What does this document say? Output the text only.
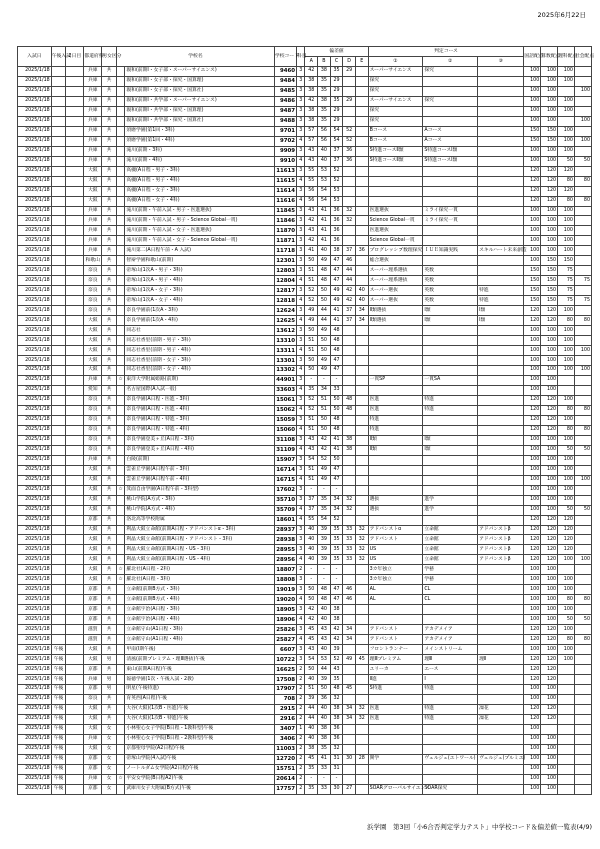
2025年6月22日
入試日	午後入試	2日目	都道府県	男女区分	学校名		学校コード	科目	偏差値					判定コース			国語配点	算数配点	理科配点	社会配点
									A	B	C	D	E	①	②	③				
2025/1/18			兵庫	共		親和(前期Ⅰ・女子部・スーパーサイエンス)	9460	3	42	38	35	29		スーパーサイエンス	探究		100	100	100	
2025/1/18			兵庫	共		親和(前期Ⅰ・女子部・探究・国算理)	9484	3	38	35	29			探究			100	100	100	
2025/1/18			兵庫	共		親和(前期Ⅰ・女子部・探究・国算社)	9485	3	38	35	29			探究			100	100		100
2025/1/18			兵庫	共		親和(前期Ⅰ・共学部・スーパーサイエンス)	9486	3	42	38	35	29		スーパーサイエンス	探究		100	100	100	
2025/1/18			兵庫	共		親和(前期Ⅰ・共学部・探究・国算理)	9487	3	38	35	29			探究			100	100	100	
2025/1/18			兵庫	共		親和(前期Ⅰ・共学部・探究・国算社)	9488	3	38	35	29			探究			100	100		100
2025/1/18			兵庫	共		須磨学園(第1回・3科)	9701	3	57	56	54	52		Bコース	Aコース		150	150	100	
2025/1/18			兵庫	共		須磨学園(第1回・4科)	9702	4	57	56	54	52		Bコース	Aコース		150	150	100	100
2025/1/18			兵庫	共		滝川(前期・3科)	9909	3	43	40	37	36		S特進コースⅡ類	S特進コースⅠ類		100	100	100	
2025/1/18			兵庫	共		滝川(前期・4科)	9910	4	43	40	37	36		S特進コースⅡ類	S特進コースⅠ類		100	100	50	50
2025/1/18			大阪	共		高槻(A日程・男子・3科)	11613	3	55	53	52						120	120	120	
2025/1/18			大阪	共		高槻(A日程・男子・4科)	11615	4	55	53	52						120	120	80	80
2025/1/18			大阪	共		高槻(A日程・女子・3科)	11614	3	56	54	53						120	120	120	
2025/1/18			大阪	共		高槻(A日程・女子・4科)	11616	4	56	54	53						120	120	80	80
2025/1/18			兵庫	共		滝川(前期・午前入試・男子・医進選抜)	11845	3	43	41	36	32		医進選抜	ミライ探究一貫		100	100	100	
2025/1/18			兵庫	共		滝川(前期・午前入試・男子・Science Global一貫)	11846	3	42	41	36	32		Science Global一貫	ミライ探究一貫		100	100	100	
2025/1/18			兵庫	共		滝川(前期・午前入試・女子・医進選抜)	11870	3	43	41	36			医進選抜			100	100	100	
2025/1/18			兵庫	共		滝川(前期・午前入試・女子・Science Global一貫)	11871	3	42	41	36			Science Global一貫			100	100	100	
2025/1/18			兵庫	共		滝川第二(A日程午前・A 入試)	11718	3	41	40	38	37	36	プログレッシブ数理探究	ＩＵＥ知識実践	スキルハート未来創造	100	100	100	
2025/1/18			和歌山	共		智辯学園和歌山(前期)	12301	3	50	49	47	46		総合選抜			100	150	150	
2025/1/18			奈良	共		帝塚山(1次A・男子・3科)	12803	3	51	48	47	44		スーパー理系選抜	英数		150	150	75	
2025/1/18			奈良	共		帝塚山(1次A・男子・4科)	12804	4	51	48	47	44		スーパー理系選抜	英数		150	150	75	75
2025/1/18			奈良	共		帝塚山(1次A・女子・3科)	12817	3	52	50	49	42	40	スーパー選抜	英数	特進	150	150	75	
2025/1/18			奈良	共		帝塚山(1次A・女子・4科)	12818	4	52	50	49	42	40	スーパー選抜	英数	特進	150	150	75	75
2025/1/18			奈良	共		奈良学園前(1次A・3科)	12624	3	49	44	41	37	34	Ⅱ類選抜	Ⅰ類	Ⅰ類	120	120	100	
2025/1/18			大阪	共		奈良学園前(1次A・4科)	12625	4	49	44	41	37	34	Ⅱ類選抜	Ⅰ類	Ⅰ類	120	120	80	80
2025/1/18			大阪	共		同志社	13612	3	50	49	48						100	100	100	
2025/1/18			大阪	共		同志社香里(前期・男子・3科)	13310	3	51	50	48						100	100	100	
2025/1/18			大阪	共		同志社香里(前期・男子・4科)	13311	4	51	50	48						100	100	100	100
2025/1/18			大阪	共		同志社香里(前期・女子・3科)	13301	3	50	49	47						100	100	100	
2025/1/18			大阪	共		同志社香里(前期・女子・4科)	13302	4	50	49	47						100	100	100	100
2025/1/18			兵庫	共	☆	東洋大学附属姫路(前期)	44901	3	-	-	-			一貫SP	一貫SA		100	100		
2025/1/18			愛知	共		名古屋国際(A入試一般)	33603	4	35	34	33						100	100		
2025/1/18			奈良	共		奈良学園(A日程・医進・3科)	15061	3	52	51	50	48		医進	特進		120	120	100	
2025/1/18			奈良	共		奈良学園(A日程・医進・4科)	15062	4	52	51	50	48		医進	特進		120	120	80	80
2025/1/18			奈良	共		奈良学園(A日程・特進・3科)	15059	3	51	50	48			特進			120	120	100	
2025/1/18			奈良	共		奈良学園(A日程・特進・4科)	15060	4	51	50	48			特進			120	120	80	80
2025/1/18			奈良	共		奈良学園登美ヶ丘(A日程・3科)	31108	3	43	42	41	38		Ⅱ類	Ⅰ類		100	100	100	
2025/1/18			奈良	共		奈良学園登美ヶ丘(A日程・4科)	31109	4	43	42	41	38		Ⅱ類	Ⅰ類		100	100	50	50
2025/1/18			兵庫	共		白陵(前期)	15907	3	54	52	50						100	100	100	
2025/1/18			大阪	共		雲雀丘学園(A日程午前・3科)	16714	3	51	49	47						100	100	100	
2025/1/18			大阪	共		雲雀丘学園(A日程午前・4科)	16715	4	51	49	47						100	100	100	100
2025/1/18			大阪	共	☆	箕面自由学園(A日程午前・3科型)	17602	3	-	-	-						100	100	100	
2025/1/18			大阪	共		桃山学院(A方式・3科)	35710	3	37	35	34	32		選抜	進学		100	100	100	
2025/1/18			大阪	共		桃山学院(A方式・4科)	35709	4	37	35	34	32		選抜	進学		100	100	50	50
2025/1/18			京都	共		洛北高等学校附属	18601	4	55	54	52						120	120	120	
2025/1/18			大阪	共		利晶大阪立命館(前期A日程・アドバンストα・3科)	28937	3	40	39	35	33	32	アドバンストα	立命館	アドバンストβ	120	120	120	
2025/1/18			大阪	共		利晶大阪立命館(前期A日程・アドバンスト・3科)	28938	3	40	39	35	33	32	アドバンスト	立命館	アドバンストβ	120	120	120	
2025/1/18			大阪	共		利晶大阪立命館(前期A日程・US・3科)	28955	3	40	39	35	33	32	US	立命館	アドバンストβ	120	120	120	
2025/1/18			大阪	共		利晶大阪立命館(前期A日程・US・4科)	28956	4	40	39	35	33	32	US	立命館	アドバンストβ	120	120	100	100
2025/1/18			大阪	共	☆	羅北社(A日程・2科)	18807	2	-	-	-			3カ年独立	学藝		100	100		
2025/1/18			大阪	共	☆	羅北社(A日程・3科)	18808	3	-	-	-			3カ年独立	学藝		100	100	100	
2025/1/18			京都	共		立命館(前期B方式・3科)	19019	3	50	48	47	46		AL	CL		100	100	100	
2025/1/18			京都	共		立命館(前期B方式・4科)	19020	4	50	48	47	46		AL	CL		100	100	80	80
2025/1/18			京都	共		立命館宇治(A日程・3科)	18905	3	42	40	38						100	100	100	
2025/1/18			京都	共		立命館宇治(A日程・4科)	18906	4	42	40	38						100	100	50	50
2025/1/18			滋賀	共		立命館守山(A1日程・3科)	25826	3	45	43	42	34		アドバンスト	アカデメイア		120	120	100	
2025/1/18			滋賀	共		立命館守山(A1日程・4科)	25827	4	45	43	42	34		アドバンスト	アカデメイア		120	120	80	80
2025/1/18	午後		大阪	共		甲南(Ⅰ期午後)	6607	3	43	40	39			フロントランナー	メインストリーム		100	100	100	
2025/1/18	午後		大阪	男		清風(前期プレミアム・理Ⅲ選抜)午後	10722	3	54	53	52	49	45	理Ⅲプレミアム	理Ⅲ	理Ⅱ	120	120	100	
2025/1/18	午後		京都	共		東山(前期A日程)午後	16625	2	50	44	43			ユリーカ	エース		120	120		
2025/1/18	午後		兵庫	男		報徳学園(1次・午後入試・2教)	17508	2	40	39	35			Ⅱ進	Ⅰ		120	120		
2025/1/18	午後		京都	男		明星(午後特進)	17907	2	51	50	48	45		S特進	特進		100	100		
2025/1/18	午後		奈良	共		育英西(A日程)午後	708	2	39	36	32						100	100		
2025/1/18	午後		大阪	共		大谷(大阪)(1次B・医進)午後	2915	2	44	40	38	34	32	医進	特進	凜花	120	120		
2025/1/18	午後		大阪	共		大谷(大阪)(1次B・特進)午後	2916	2	44	40	38	34	32	医進	特進	凜花	120	120		
2025/1/18	午後		大阪	女		小林聖心女子学院(B日程・1教科型)午後	3407	1	40	38	36						100			
2025/1/18	午後		兵庫	女		小林聖心女子学院(B日程・2教科型)午後	3406	2	40	38	36						100	100		
2025/1/18	午後		大阪	女		京都聖母学院(A2日程)午後	11003	2	38	35	32						100	100		
2025/1/18	午後		京都	女		帝塚山学院(4入試)午後	12720	2	45	41	31	30	28	関学	ヴェルジェ(エトワール)	ヴェルジェ(プルミエ)	100	100		
2025/1/18	午後		京都	女		ノートルダム女学院(A2日程)午後	15751	2	35	33	31						100	100		
2025/1/18	午後		兵庫	女	☆	平安女学院(B日程A2)午後	20614	2	-	-	-						100	100		
2025/1/18	午後		京都	女		武庫川女子大附属(B方式)午後	17757	2	35	33	30	27		SOARグローバルサイエンス	SOAR探究		100	100		
浜学園　第3回「小6合否判定学力テスト」中学校コード＆偏差値一覧表(4/9)
